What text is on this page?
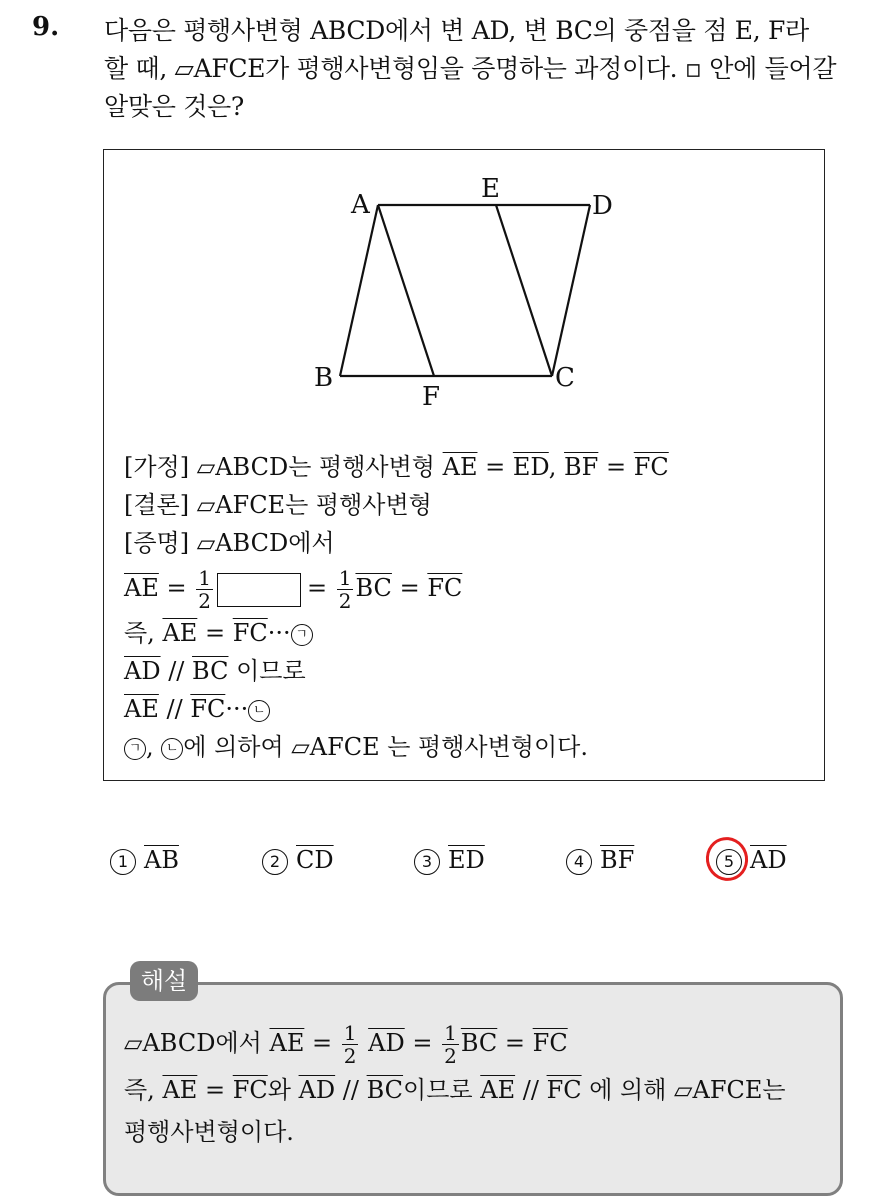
9. 다음은 평행사변형 ABCD에서 변 AD, 변 BC의 중점을 점 E, F라
할 때, ▱AFCE가 평행사변형임을 증명하는 과정이다. ▫ 안에 들어갈
알맞은 것은?
A
E
D
B
F
C
[가정] ▱ABCD는 평행사변형 $\overline{AE} = \overline{ED}$, $\overline{BF} = \overline{FC}$
[결론] ▱AFCE는 평행사변형
[증명] ▱ABCD에서
$\overline{AE} = \frac{1}{2}$	= $\frac{1}{2} \overline{BC} = \overline{FC}$
즉, $\overline{AE} = \overline{FC}\cdot\cdot\cdot$ ㄱ
$\overline{AD} // \overline{BC}$ 이므로
$\overline{AE} // \overline{FC}\cdot\cdot\cdot$ ㄴ
ㄱ , ㄴ 에 의하여 ▱AFCE 는 평행사변형이다.
1 $\overline{AB}$	2 $\overline{CD}$	3 $\overline{ED}$	4 $\overline{BF}$	5 $\overline{AD}$
▱ABCD에서 $\overline{AE} = \frac{1}{2} \overline{AD} = \frac{1}{2} \overline{BC} = \overline{FC}$
즉, $\overline{AE} = \overline{FC}$와 $\overline{AD} // \overline{BC}$이므로 $\overline{AE} // \overline{FC}$ 에 의해 ▱AFCE는
평행사변형이다.
해설
